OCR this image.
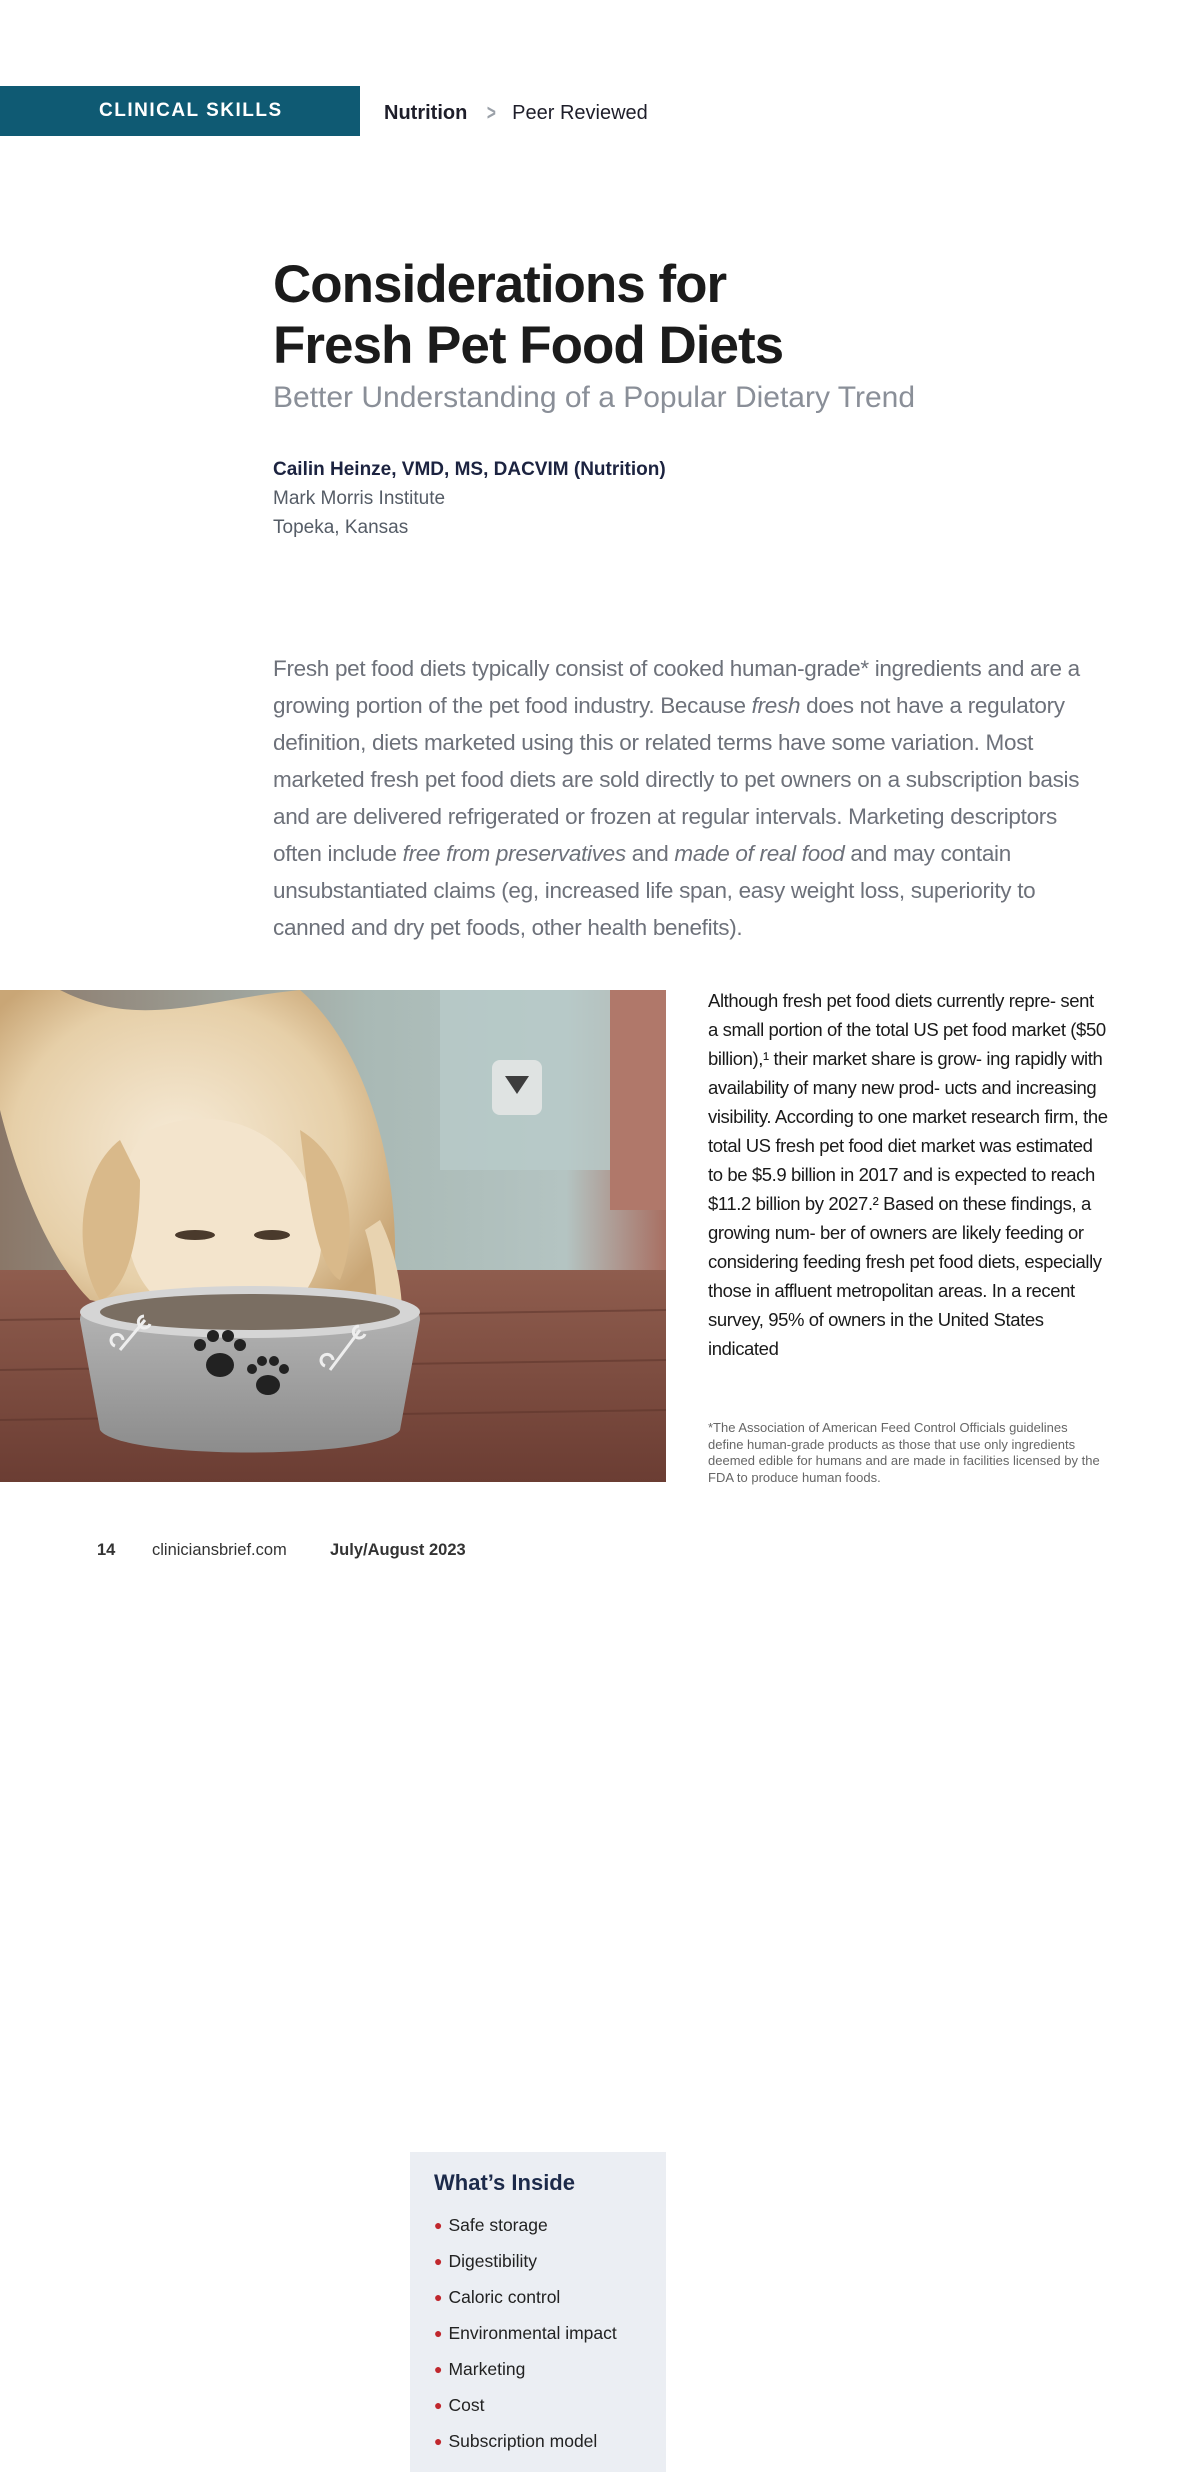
CLINICAL SKILLS	Nutrition > Peer Reviewed
Considerations for
Fresh Pet Food Diets
Better Understanding of a Popular Dietary Trend
Cailin Heinze, VMD, MS, DACVIM (Nutrition)
Mark Morris Institute
Topeka, Kansas

Fresh pet food diets typically consist of cooked human-grade* ingredients and are a growing portion of the pet food industry. Because fresh does not have a regulatory definition, diets marketed using this or related terms have some variation. Most marketed fresh pet food diets are sold directly to pet owners on a subscription basis and are delivered refrigerated or frozen at regular intervals. Marketing descriptors often include free from preservatives and made of real food and may contain unsubstantiated claims (eg, increased life span, easy weight loss, superiority to canned and dry pet foods, other health benefits).

What’s Inside
● Safe storage
● Digestibility
● Caloric control
● Environmental impact
● Marketing
● Cost
● Subscription model

Although fresh pet food diets currently repre- sent a small portion of the total US pet food market ($50 billion),¹ their market share is grow- ing rapidly with availability of many new prod- ucts and increasing visibility. According to one market research firm, the total US fresh pet food diet market was estimated to be $5.9 billion in 2017 and is expected to reach $11.2 billion by 2027.² Based on these findings, a growing num- ber of owners are likely feeding or considering feeding fresh pet food diets, especially those in affluent metropolitan areas. In a recent survey, 95% of owners in the United States indicated

*The Association of American Feed Control Officials guidelines define human-grade products as those that use only ingredients deemed edible for humans and are made in facilities licensed by the FDA to produce human foods.

14	cliniciansbrief.com	July/August 2023
